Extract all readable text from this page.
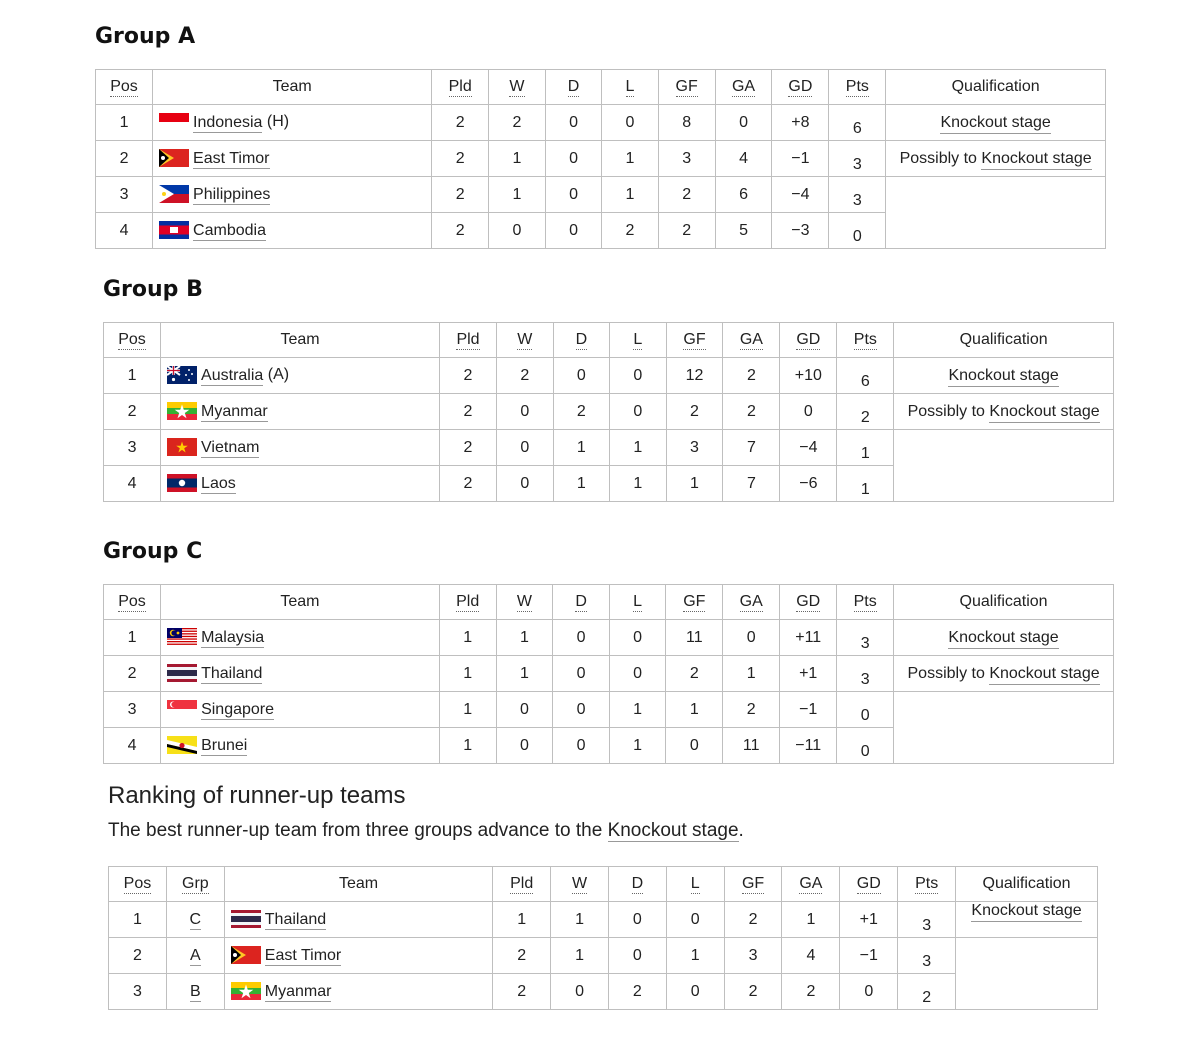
Group A
Pos	Team	Pld	W	D	L	GF	GA	GD	Pts	Qualification
1	Indonesia (H)	2	2	0	0	8	0	+8	6	Knockout stage
2	East Timor	2	1	0	1	3	4	−1	3	Possibly to Knockout stage
3	Philippines	2	1	0	1	2	6	−4	3	
4	Cambodia	2	0	0	2	2	5	−3	0	
Group B
Pos	Team	Pld	W	D	L	GF	GA	GD	Pts	Qualification
1	Australia (A)	2	2	0	0	12	2	+10	6	Knockout stage
2	Myanmar	2	0	2	0	2	2	0	2	Possibly to Knockout stage
3	Vietnam	2	0	1	1	3	7	−4	1	
4	Laos	2	0	1	1	1	7	−6	1	
Group C
Pos	Team	Pld	W	D	L	GF	GA	GD	Pts	Qualification
1	Malaysia	1	1	0	0	11	0	+11	3	Knockout stage
2	Thailand	1	1	0	0	2	1	+1	3	Possibly to Knockout stage
3	Singapore	1	0	0	1	1	2	−1	0	
4	Brunei	1	0	0	1	0	11	−11	0	
Ranking of runner-up teams

The best runner-up team from three groups advance to the Knockout stage.

Pos	Grp	Team	Pld	W	D	L	GF	GA	GD	Pts	Qualification
1	C	Thailand	1	1	0	0	2	1	+1	3	Knockout stage
2	A	East Timor	2	1	0	1	3	4	−1	3	
3	B	Myanmar	2	0	2	0	2	2	0	2	
